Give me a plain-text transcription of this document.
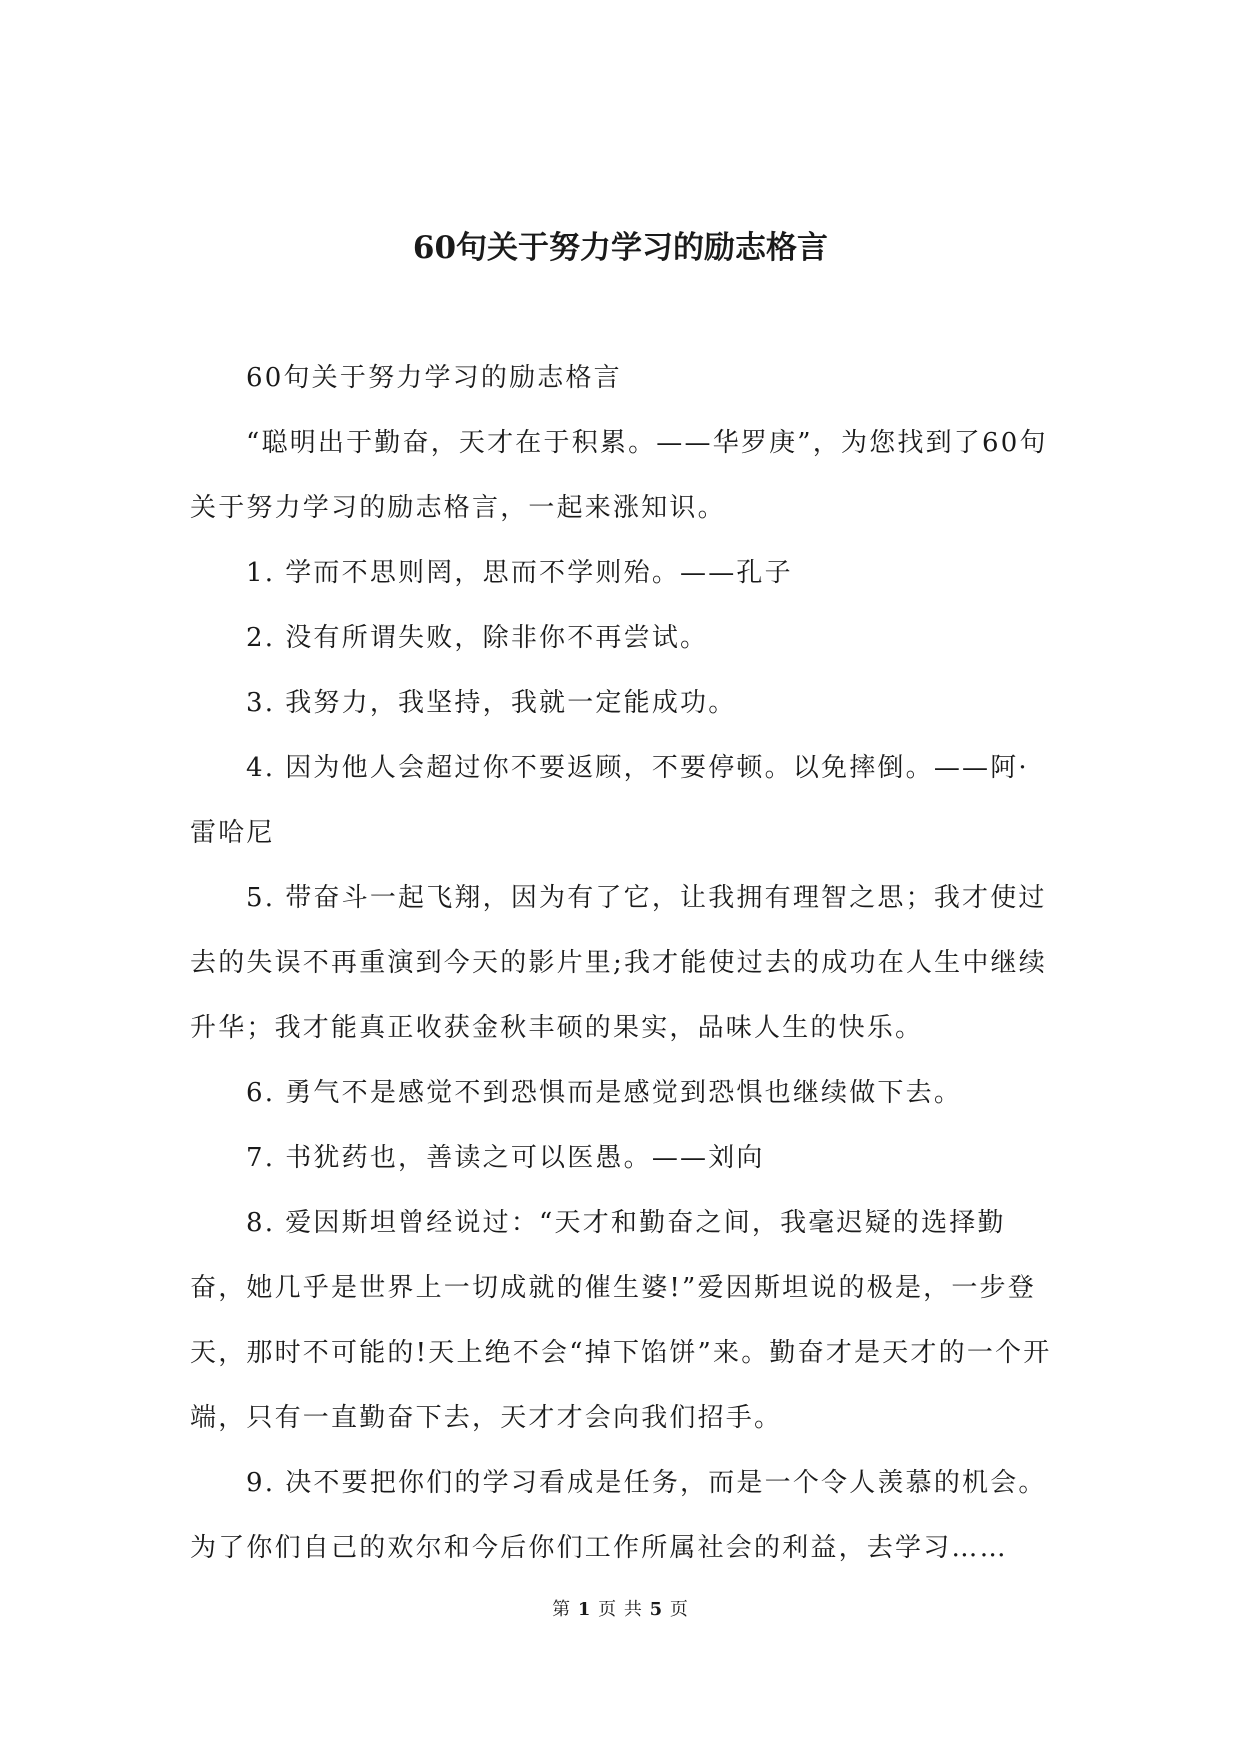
60句关于努力学习的励志格言

60句关于努力学习的励志格言

“聪明出于勤奋，天才在于积累。——华罗庚”，为您找到了60句关于努力学习的励志格言，一起来涨知识。

1. 学而不思则罔，思而不学则殆。——孔子

2. 没有所谓失败，除非你不再尝试。

3. 我努力，我坚持，我就一定能成功。

4. 因为他人会超过你不要返顾，不要停顿。以免摔倒。——阿·雷哈尼

5. 带奋斗一起飞翔，因为有了它，让我拥有理智之思；我才使过去的失误不再重演到今天的影片里;我才能使过去的成功在人生中继续升华；我才能真正收获金秋丰硕的果实，品味人生的快乐。

6. 勇气不是感觉不到恐惧而是感觉到恐惧也继续做下去。

7. 书犹药也，善读之可以医愚。——刘向

8. 爱因斯坦曾经说过：“天才和勤奋之间，我毫迟疑的选择勤奋，她几乎是世界上一切成就的催生婆!”爱因斯坦说的极是，一步登天，那时不可能的!天上绝不会“掉下馅饼”来。勤奋才是天才的一个开端，只有一直勤奋下去，天才才会向我们招手。

9. 决不要把你们的学习看成是任务，而是一个令人羡慕的机会。为了你们自己的欢尔和今后你们工作所属社会的利益，去学习……

第 1 页 共 5 页
